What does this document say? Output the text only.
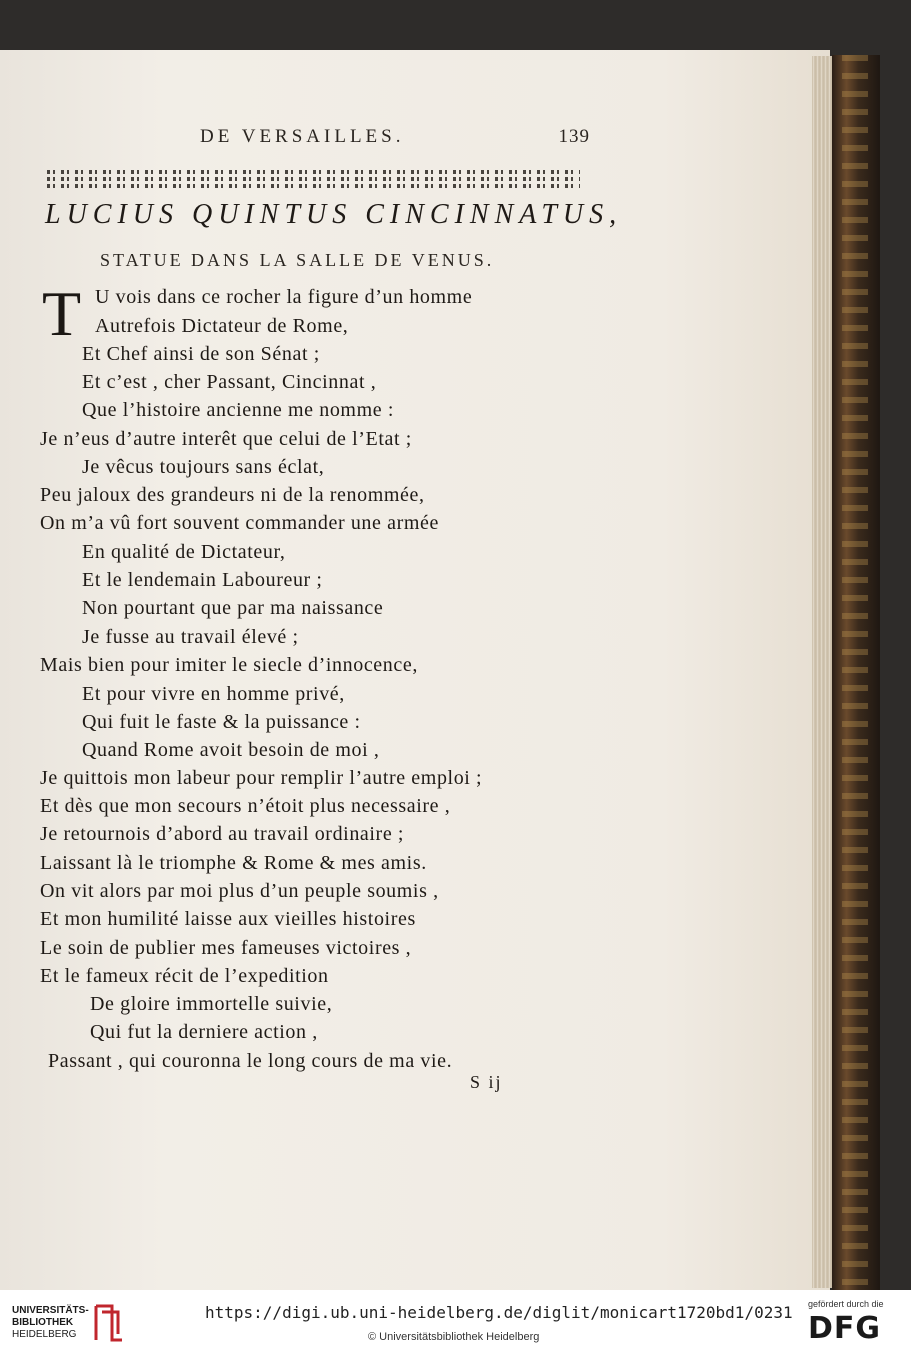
DE VERSAILLES.	139
LUCIUS QUINTUS CINCINNATUS,
STATUE DANS LA SALLE DE VENUS.
T U vois dans ce rocher la figure d’un homme
Autrefois Dictateur de Rome,
Et Chef ainsi de son Sénat ;
Et c’est , cher Passant, Cincinnat ,
Que l’histoire ancienne me nomme :
Je n’eus d’autre interêt que celui de l’Etat ;
Je vêcus toujours sans éclat,
Peu jaloux des grandeurs ni de la renommée,
On m’a vû fort souvent commander une armée
En qualité de Dictateur,
Et le lendemain Laboureur ;
Non pourtant que par ma naissance
Je fusse au travail élevé ;
Mais bien pour imiter le siecle d’innocence,
Et pour vivre en homme privé,
Qui fuit le faste & la puissance :
Quand Rome avoit besoin de moi ,
Je quittois mon labeur pour remplir l’autre emploi ;
Et dès que mon secours n’étoit plus necessaire ,
Je retournois d’abord au travail ordinaire ;
Laissant là le triomphe & Rome & mes amis.
On vit alors par moi plus d’un peuple soumis ,
Et mon humilité laisse aux vieilles histoires
Le soin de publier mes fameuses victoires ,
Et le fameux récit de l’expedition
De gloire immortelle suivie,
Qui fut la derniere action ,
Passant , qui couronna le long cours de ma vie.
S ij
UNIVERSITÄTS-
BIBLIOTHEK
HEIDELBERG
https://digi.ub.uni-heidelberg.de/diglit/monicart1720bd1/0231
© Universitätsbibliothek Heidelberg
gefördert durch die
DFG
